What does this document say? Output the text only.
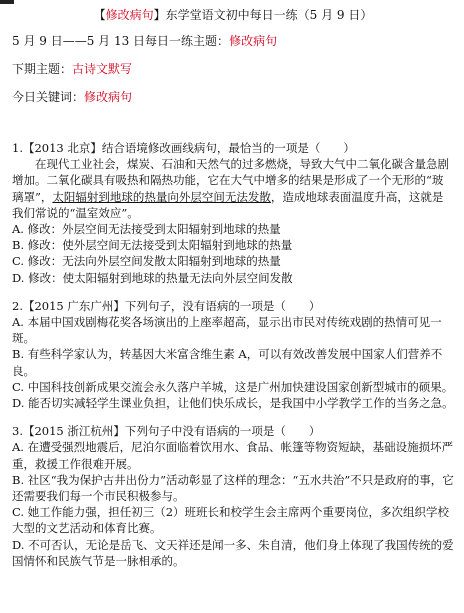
【修改病句】东学堂语文初中每日一练（5 月 9 日）
5 月 9 日——5 月 13 日每日一练主题：修改病句
下期主题：古诗文默写
今日关键词：修改病句
1.【2013 北京】结合语境修改画线病句，最恰当的一项是（　　）
在现代工业社会，煤炭、石油和天然气的过多燃烧，导致大气中二氧化碳含量急剧增加。二氧化碳具有吸热和隔热功能，它在大气中增多的结果是形成了一个无形的“玻璃罩”，太阳辐射到地球的热量向外层空间无法发散，造成地球表面温度升高，这就是我们常说的“温室效应”。
A. 修改：外层空间无法接受到太阳辐射到地球的热量
B. 修改：使外层空间无法接受到太阳辐射到地球的热量
C. 修改：无法向外层空间发散太阳辐射到地球的热量
D. 修改：使太阳辐射到地球的热量无法向外层空间发散
2.【2015 广东广州】下列句子，没有语病的一项是（　　）
A. 本届中国戏剧梅花奖各场演出的上座率超高，显示出市民对传统戏剧的热情可见一斑。
B. 有些科学家认为，转基因大米富含维生素 A，可以有效改善发展中国家人们营养不良。
C. 中国科技创新成果交流会永久落户羊城，这是广州加快建设国家创新型城市的硕果。
D. 能否切实减轻学生课业负担，让他们快乐成长，是我国中小学教学工作的当务之急。
3.【2015 浙江杭州】下列句子中没有语病的一项是（　　）
A. 在遭受强烈地震后，尼泊尔面临着饮用水、食品、帐篷等物资短缺，基础设施损坏严重，救援工作很难开展。
B. 社区“我为保护古井出份力”活动彰显了这样的理念：“五水共治”不只是政府的事，它还需要我们每一个市民积极参与。
C. 她工作能力强，担任初三（2）班班长和校学生会主席两个重要岗位，多次组织学校大型的文艺活动和体育比赛。
D. 不可否认，无论是岳飞、文天祥还是闻一多、朱自清，他们身上体现了我国传统的爱国情怀和民族气节是一脉相承的。
